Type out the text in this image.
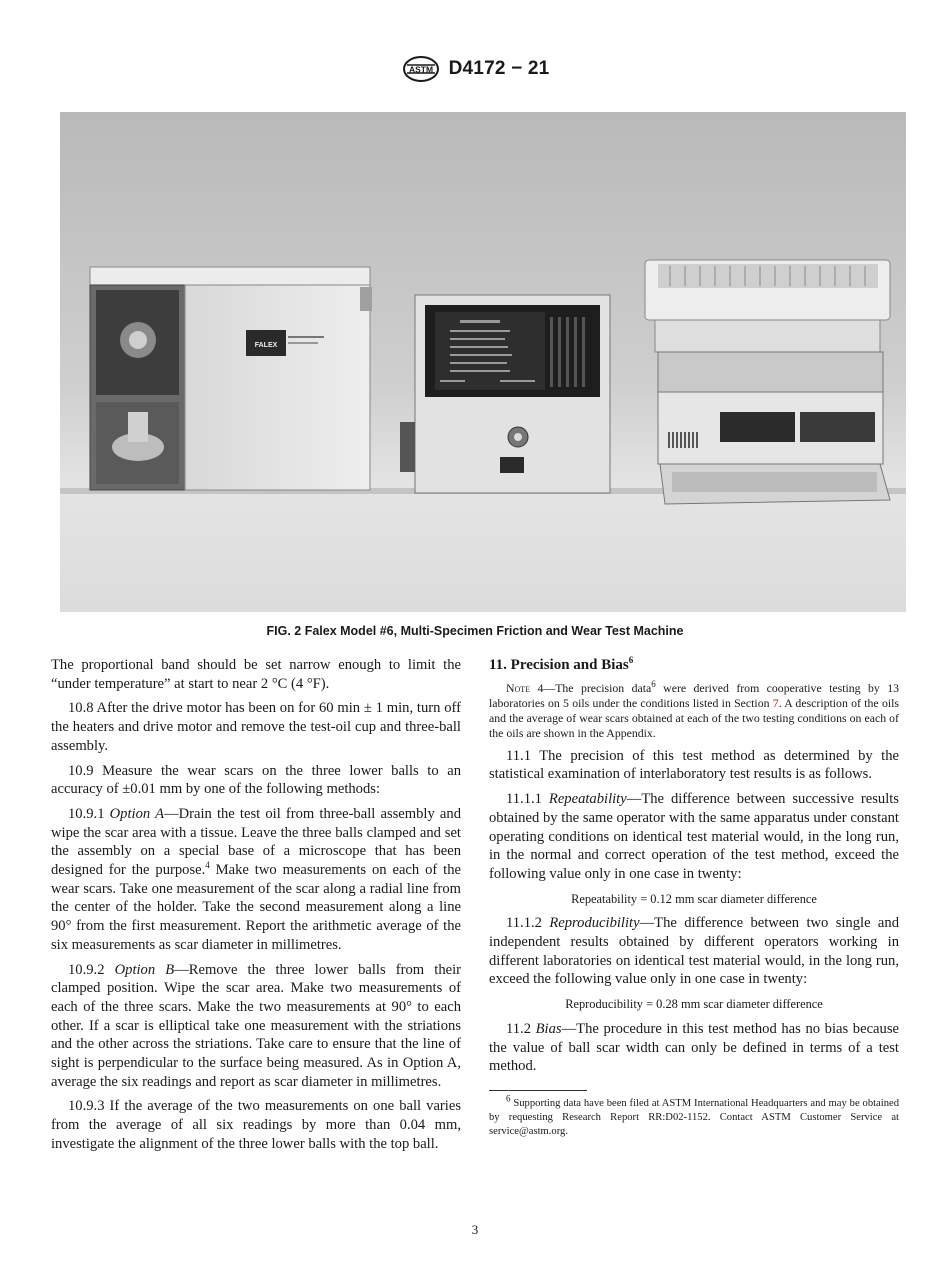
ASTM D4172 − 21
FALEX
FIG. 2 Falex Model #6, Multi-Specimen Friction and Wear Test Machine

The proportional band should be set narrow enough to limit the “under temperature” at start to near 2 °C (4 °F).

10.8 After the drive motor has been on for 60 min ± 1 min, turn off the heaters and drive motor and remove the test-oil cup and three-ball assembly.

10.9 Measure the wear scars on the three lower balls to an accuracy of ±0.01 mm by one of the following methods:

10.9.1 Option A—Drain the test oil from three-ball assembly and wipe the scar area with a tissue. Leave the three balls clamped and set the assembly on a special base of a microscope that has been designed for the purpose.$^4$ Make two measurements on each of the wear scars. Take one measurement of the scar along a radial line from the center of the holder. Take the second measurement along a line 90° from the first measurement. Report the arithmetic average of the six measurements as scar diameter in millimetres.

10.9.2 Option B—Remove the three lower balls from their clamped position. Wipe the scar area. Make two measurements of each of the three scars. Make the two measurements at 90° to each other. If a scar is elliptical take one measurement with the striations and the other across the striations. Take care to ensure that the line of sight is perpendicular to the surface being measured. As in Option A, average the six readings and report as scar diameter in millimetres.

10.9.3 If the average of the two measurements on one ball varies from the average of all six readings by more than 0.04 mm, investigate the alignment of the three lower balls with the top ball.

11. Precision and Bias$^6$

Note 4—The precision data$^6$ were derived from cooperative testing by 13 laboratories on 5 oils under the conditions listed in Section 7. A description of the oils and the average of wear scars obtained at each of the two testing conditions on each of the oils are shown in the Appendix.

11.1 The precision of this test method as determined by the statistical examination of interlaboratory test results is as follows.

11.1.1 Repeatability—The difference between successive results obtained by the same operator with the same apparatus under constant operating conditions on identical test material would, in the long run, in the normal and correct operation of the test method, exceed the following value only in one case in twenty:

Repeatability = 0.12 mm scar diameter difference

11.1.2 Reproducibility—The difference between two single and independent results obtained by different operators working in different laboratories on identical test material would, in the long run, exceed the following value only in one case in twenty:

Reproducibility = 0.28 mm scar diameter difference

11.2 Bias—The procedure in this test method has no bias because the value of ball scar width can only be defined in terms of a test method.

$^6$ Supporting data have been filed at ASTM International Headquarters and may be obtained by requesting Research Report RR:D02-1152. Contact ASTM Customer Service at service@astm.org.

3
